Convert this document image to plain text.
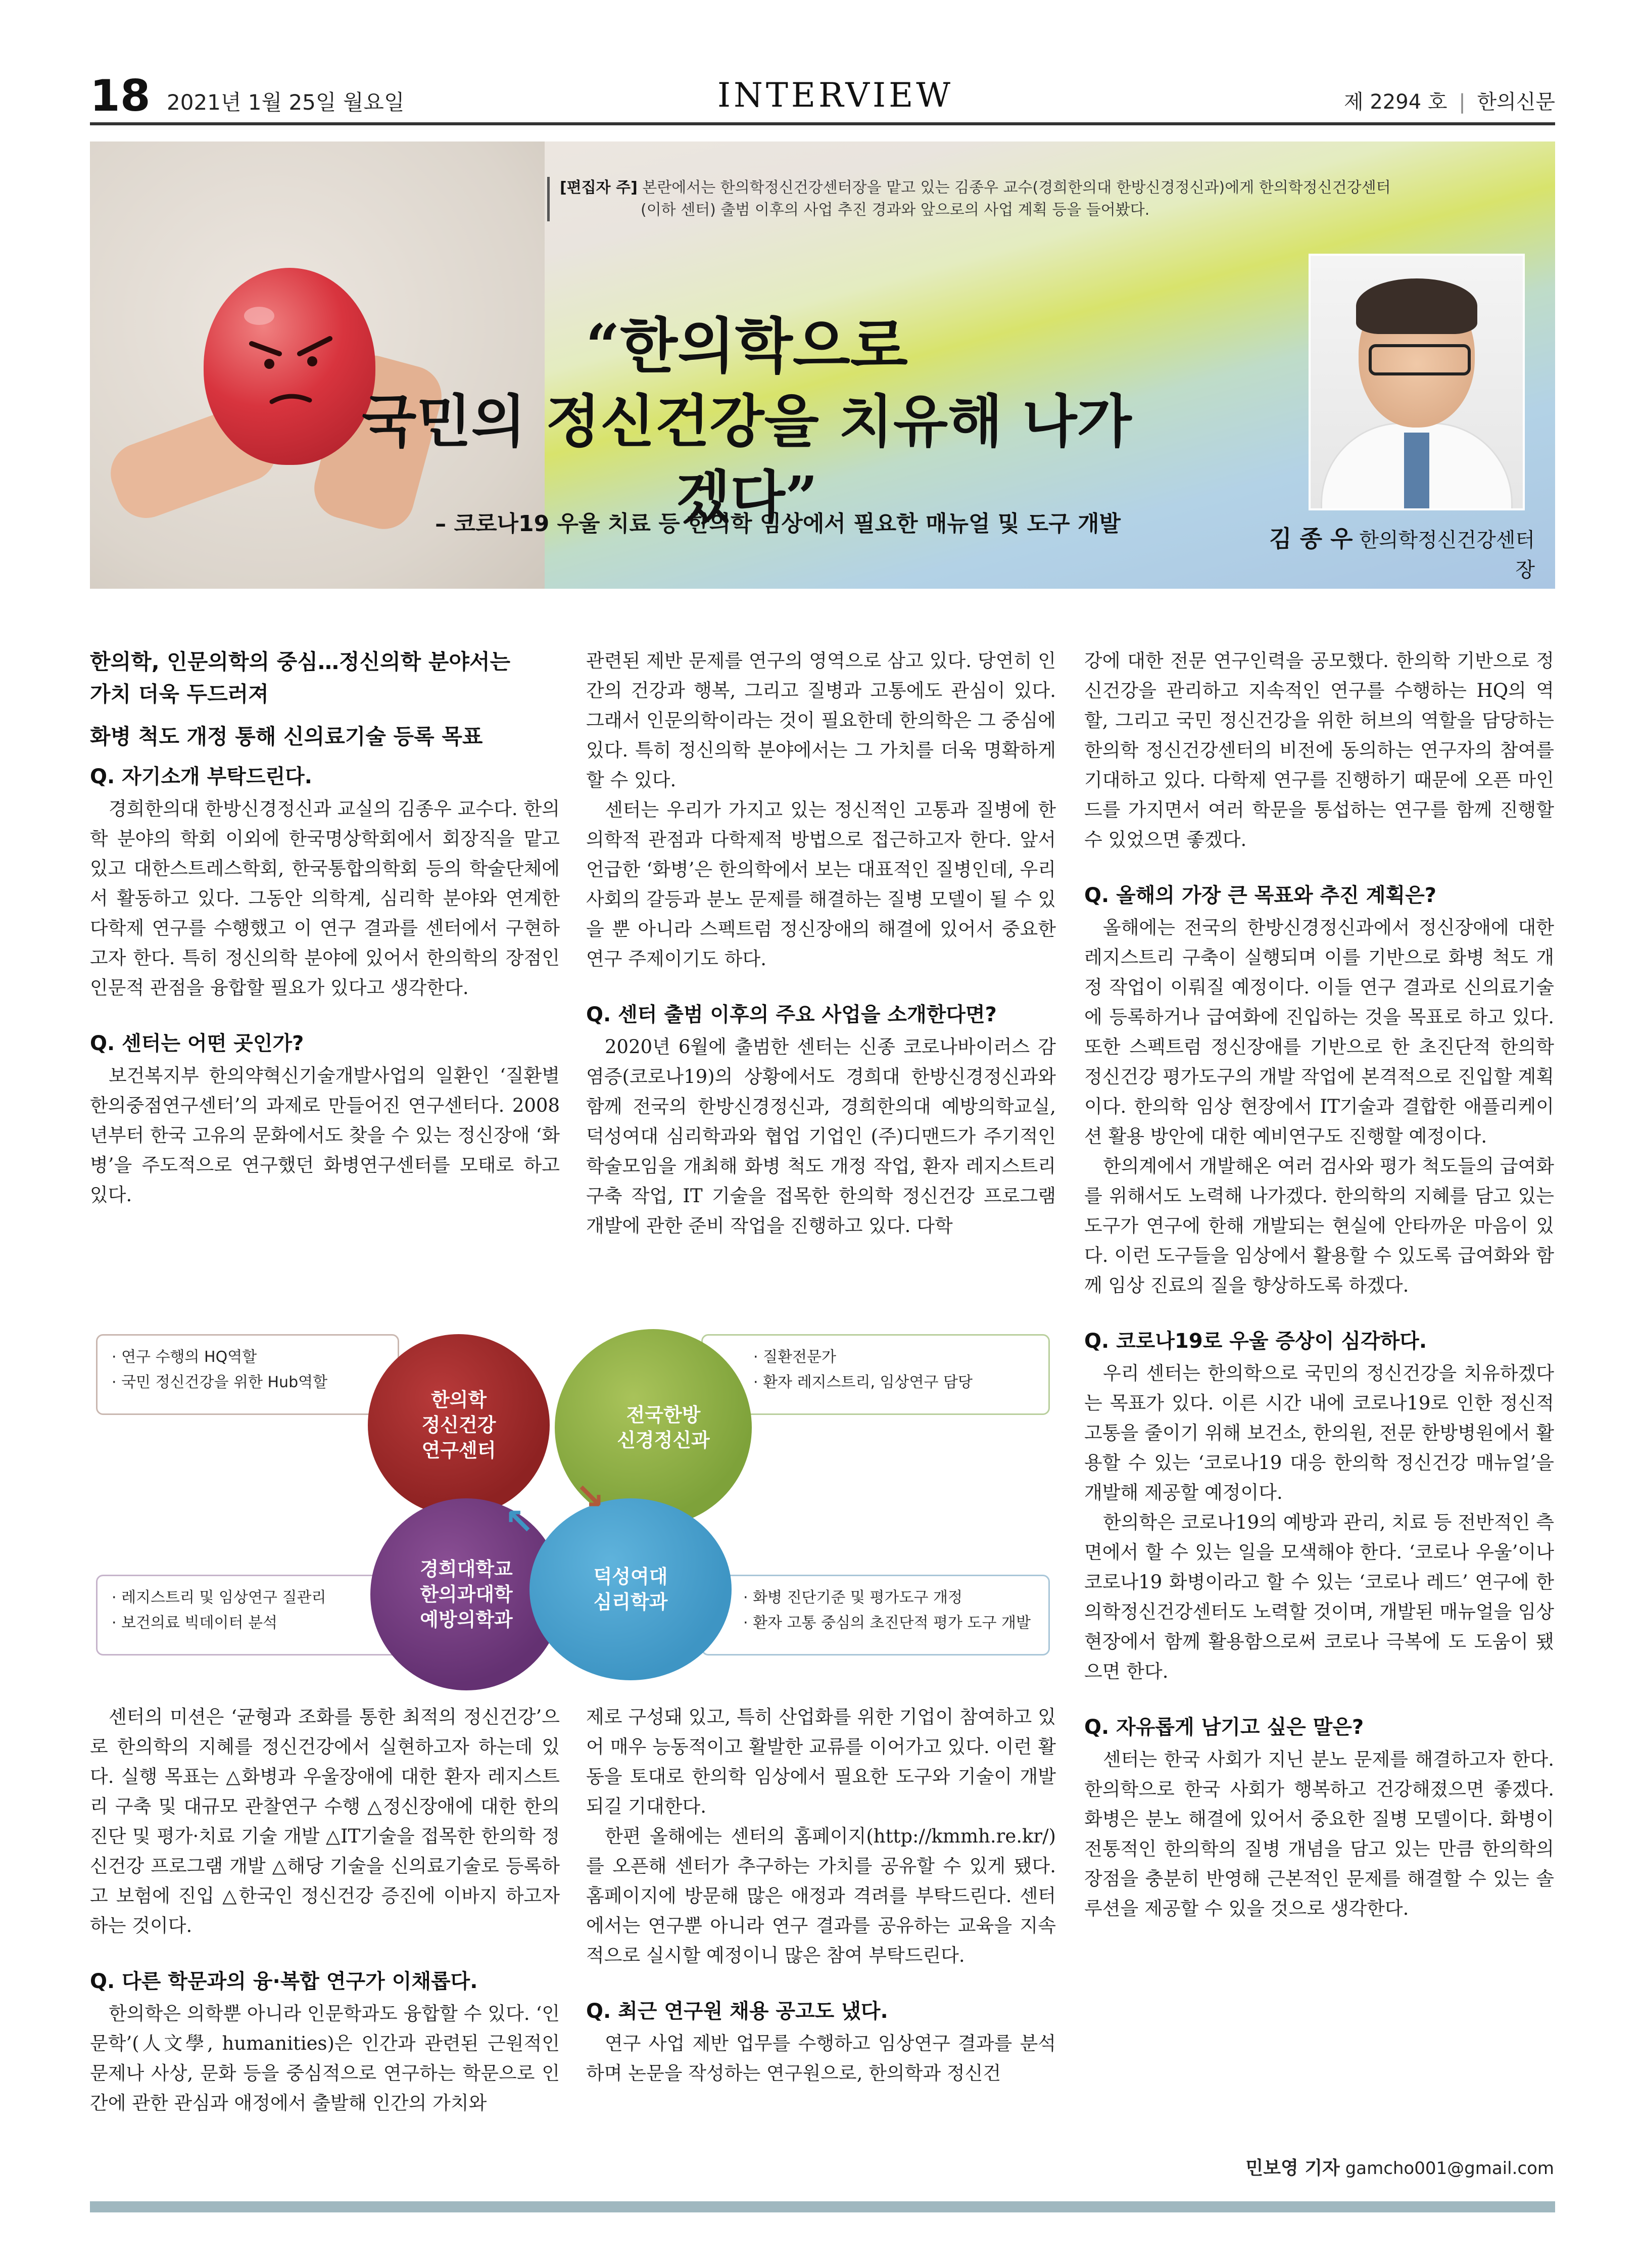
18 2021년 1월 25일 월요일	INTERVIEW	제 2294 호 | 한의신문
[편집자 주] 본란에서는 한의학정신건강센터장을 맡고 있는 김종우 교수(경희한의대 한방신경정신과)에게 한의학정신건강센터
(이하 센터) 출범 이후의 사업 추진 경과와 앞으로의 사업 계획 등을 들어봤다.
“한의학으로
국민의 정신건강을 치유해 나가겠다”
– 코로나19 우울 치료 등 한의학 임상에서 필요한 매뉴얼 및 도구 개발
김 종 우 한의학정신건강센터장

한의학, 인문의학의 중심…정신의학 분야서는

가치 더욱 두드러져

화병 척도 개정 통해 신의료기술 등록 목표

Q. 자기소개 부탁드린다.

경희한의대 한방신경정신과 교실의 김종우 교수다. 한의학 분야의 학회 이외에 한국명상학회에서 회장직을 맡고 있고 대한스트레스학회, 한국통합의학회 등의 학술단체에서 활동하고 있다. 그동안 의학계, 심리학 분야와 연계한 다학제 연구를 수행했고 이 연구 결과를 센터에서 구현하고자 한다. 특히 정신의학 분야에 있어서 한의학의 장점인 인문적 관점을 융합할 필요가 있다고 생각한다.

Q. 센터는 어떤 곳인가?

보건복지부 한의약혁신기술개발사업의 일환인 ‘질환별 한의중점연구센터’의 과제로 만들어진 연구센터다. 2008년부터 한국 고유의 문화에서도 찾을 수 있는 정신장애 ‘화병’을 주도적으로 연구했던 화병연구센터를 모태로 하고 있다.

관련된 제반 문제를 연구의 영역으로 삼고 있다. 당연히 인간의 건강과 행복, 그리고 질병과 고통에도 관심이 있다. 그래서 인문의학이라는 것이 필요한데 한의학은 그 중심에 있다. 특히 정신의학 분야에서는 그 가치를 더욱 명확하게 할 수 있다.

센터는 우리가 가지고 있는 정신적인 고통과 질병에 한의학적 관점과 다학제적 방법으로 접근하고자 한다. 앞서 언급한 ‘화병’은 한의학에서 보는 대표적인 질병인데, 우리 사회의 갈등과 분노 문제를 해결하는 질병 모델이 될 수 있을 뿐 아니라 스펙트럼 정신장애의 해결에 있어서 중요한 연구 주제이기도 하다.

Q. 센터 출범 이후의 주요 사업을 소개한다면?

2020년 6월에 출범한 센터는 신종 코로나바이러스 감염증(코로나19)의 상황에서도 경희대 한방신경정신과와 함께 전국의 한방신경정신과, 경희한의대 예방의학교실, 덕성여대 심리학과와 협업 기업인 (주)디맨드가 주기적인 학술모임을 개최해 화병 척도 개정 작업, 환자 레지스트리 구축 작업, IT 기술을 접목한 한의학 정신건강 프로그램 개발에 관한 준비 작업을 진행하고 있다. 다학

강에 대한 전문 연구인력을 공모했다. 한의학 기반으로 정신건강을 관리하고 지속적인 연구를 수행하는 HQ의 역할, 그리고 국민 정신건강을 위한 허브의 역할을 담당하는 한의학 정신건강센터의 비전에 동의하는 연구자의 참여를 기대하고 있다. 다학제 연구를 진행하기 때문에 오픈 마인드를 가지면서 여러 학문을 통섭하는 연구를 함께 진행할 수 있었으면 좋겠다.

Q. 올해의 가장 큰 목표와 추진 계획은?

올해에는 전국의 한방신경정신과에서 정신장애에 대한 레지스트리 구축이 실행되며 이를 기반으로 화병 척도 개정 작업이 이뤄질 예정이다. 이들 연구 결과로 신의료기술에 등록하거나 급여화에 진입하는 것을 목표로 하고 있다. 또한 스펙트럼 정신장애를 기반으로 한 초진단적 한의학 정신건강 평가도구의 개발 작업에 본격적으로 진입할 계획이다. 한의학 임상 현장에서 IT기술과 결합한 애플리케이션 활용 방안에 대한 예비연구도 진행할 예정이다.

한의계에서 개발해온 여러 검사와 평가 척도들의 급여화를 위해서도 노력해 나가겠다. 한의학의 지혜를 담고 있는 도구가 연구에 한해 개발되는 현실에 안타까운 마음이 있다. 이런 도구들을 임상에서 활용할 수 있도록 급여화와 함께 임상 진료의 질을 향상하도록 하겠다.

Q. 코로나19로 우울 증상이 심각하다.

우리 센터는 한의학으로 국민의 정신건강을 치유하겠다는 목표가 있다. 이른 시간 내에 코로나19로 인한 정신적 고통을 줄이기 위해 보건소, 한의원, 전문 한방병원에서 활용할 수 있는 ‘코로나19 대응 한의학 정신건강 매뉴얼’을 개발해 제공할 예정이다.

한의학은 코로나19의 예방과 관리, 치료 등 전반적인 측면에서 할 수 있는 일을 모색해야 한다. ‘코로나 우울’이나 코로나19 화병이라고 할 수 있는 ‘코로나 레드’ 연구에 한의학정신건강센터도 노력할 것이며, 개발된 매뉴얼을 임상 현장에서 함께 활용함으로써 코로나 극복에 도 도움이 됐으면 한다.

Q. 자유롭게 남기고 싶은 말은?

센터는 한국 사회가 지닌 분노 문제를 해결하고자 한다. 한의학으로 한국 사회가 행복하고 건강해졌으면 좋겠다. 화병은 분노 해결에 있어서 중요한 질병 모델이다. 화병이 전통적인 한의학의 질병 개념을 담고 있는 만큼 한의학의 장점을 충분히 반영해 근본적인 문제를 해결할 수 있는 솔루션을 제공할 수 있을 것으로 생각한다.

· 연구 수행의 HQ역할
· 국민 정신건강을 위한 Hub역할
· 질환전문가
· 환자 레지스트리, 임상연구 담당
· 레지스트리 및 임상연구 질관리
· 보건의료 빅데이터 분석
· 화병 진단기준 및 평가도구 개정
· 환자 고통 중심의 초진단적 평가 도구 개발
한의학
정신건강
연구센터
전국한방
신경정신과
경희대학교
한의과대학
예방의학과
덕성여대
심리학과
↘
↖

센터의 미션은 ‘균형과 조화를 통한 최적의 정신건강’으로 한의학의 지혜를 정신건강에서 실현하고자 하는데 있다. 실행 목표는 △화병과 우울장애에 대한 환자 레지스트리 구축 및 대규모 관찰연구 수행 △정신장애에 대한 한의 진단 및 평가·치료 기술 개발 △IT기술을 접목한 한의학 정신건강 프로그램 개발 △해당 기술을 신의료기술로 등록하고 보험에 진입 △한국인 정신건강 증진에 이바지 하고자 하는 것이다.

Q. 다른 학문과의 융·복합 연구가 이채롭다.

한의학은 의학뿐 아니라 인문학과도 융합할 수 있다. ‘인문학’(人文學, humanities)은 인간과 관련된 근원적인 문제나 사상, 문화 등을 중심적으로 연구하는 학문으로 인간에 관한 관심과 애정에서 출발해 인간의 가치와

제로 구성돼 있고, 특히 산업화를 위한 기업이 참여하고 있어 매우 능동적이고 활발한 교류를 이어가고 있다. 이런 활동을 토대로 한의학 임상에서 필요한 도구와 기술이 개발되길 기대한다.

한편 올해에는 센터의 홈페이지(http://kmmh.re.kr/)를 오픈해 센터가 추구하는 가치를 공유할 수 있게 됐다. 홈페이지에 방문해 많은 애정과 격려를 부탁드린다. 센터에서는 연구뿐 아니라 연구 결과를 공유하는 교육을 지속적으로 실시할 예정이니 많은 참여 부탁드린다.

Q. 최근 연구원 채용 공고도 냈다.

연구 사업 제반 업무를 수행하고 임상연구 결과를 분석하며 논문을 작성하는 연구원으로, 한의학과 정신건

민보영 기자 gamcho001@gmail.com
